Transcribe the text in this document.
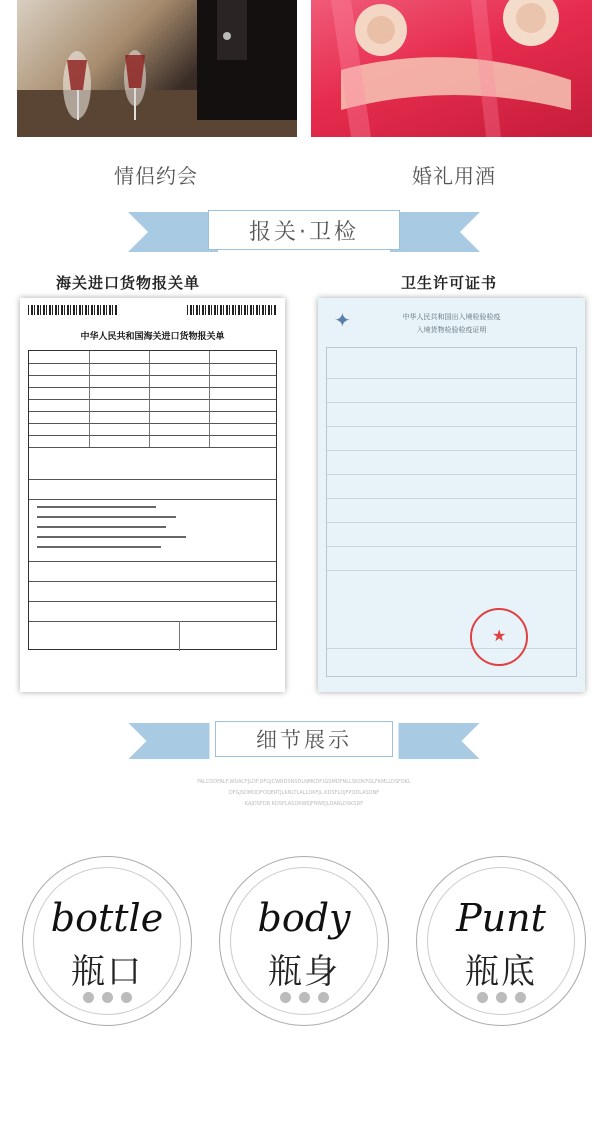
情侣约会	婚礼用酒
报关·卫检
海关进口货物报关单	卫生许可证书
中华人民共和国海关进口货物报关单
✦	中华人民共和国出入境检验检疫
入境货物检验检疫证明
★
细节展示
FALCODFALF.WDACFJLDF.DFGJCWRDSNSDLNMKDF.IGSMDFNLLSKDKFGLFKMLLDSFDKL
DFGJSDMODFOQERTJLKNLTLALLDKFJL.KDSFLDJFPQDLASDNF
KAJDSFDB.KDSFLASDRWEJFRWEJLDARLDSKSDF
bottle
瓶口
body
瓶身
Punt
瓶底
